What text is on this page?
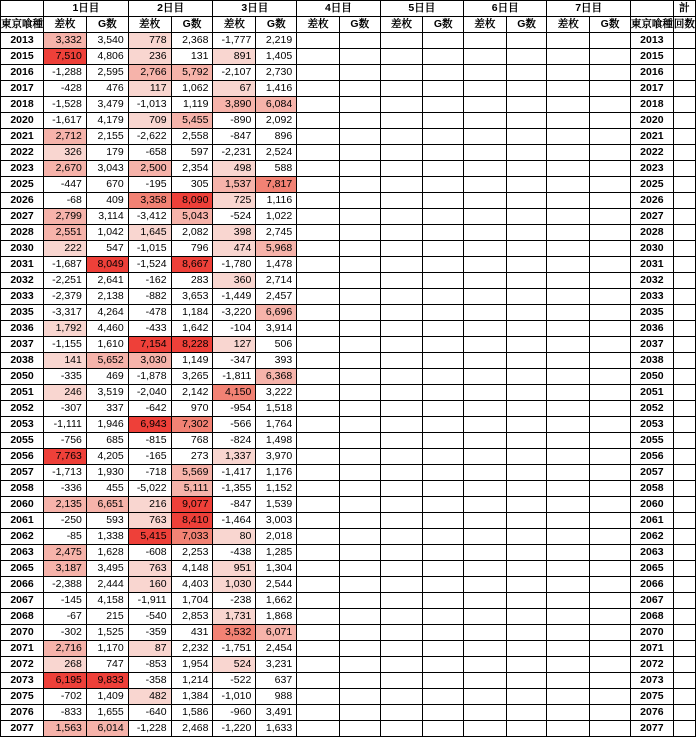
	1日目		2日目		3日目		4日目		5日目		6日目		7日目			計
東京喰種	差枚	G数	差枚	G数	差枚	G数	差枚	G数	差枚	G数	差枚	G数	差枚	G数	東京喰種	回数
2013	3,332	3,540	778	2,368	-1,777	2,219									2013	
2015	7,510	4,806	236	131	891	1,405									2015	
2016	-1,288	2,595	2,766	5,792	-2,107	2,730									2016	
2017	-428	476	117	1,062	67	1,416									2017	
2018	-1,528	3,479	-1,013	1,119	3,890	6,084									2018	
2020	-1,617	4,179	709	5,455	-890	2,092									2020	
2021	2,712	2,155	-2,622	2,558	-847	896									2021	
2022	326	179	-658	597	-2,231	2,524									2022	
2023	2,670	3,043	2,500	2,354	498	588									2023	
2025	-447	670	-195	305	1,537	7,817									2025	
2026	-68	409	3,358	8,090	725	1,116									2026	
2027	2,799	3,114	-3,412	5,043	-524	1,022									2027	
2028	2,551	1,042	1,645	2,082	398	2,745									2028	
2030	222	547	-1,015	796	474	5,968									2030	
2031	-1,687	8,049	-1,524	8,667	-1,780	1,478									2031	
2032	-2,251	2,641	-162	283	360	2,714									2032	
2033	-2,379	2,138	-882	3,653	-1,449	2,457									2033	
2035	-3,317	4,264	-478	1,184	-3,220	6,696									2035	
2036	1,792	4,460	-433	1,642	-104	3,914									2036	
2037	-1,155	1,610	7,154	8,228	127	506									2037	
2038	141	5,652	3,030	1,149	-347	393									2038	
2050	-335	469	-1,878	3,265	-1,811	6,368									2050	
2051	246	3,519	-2,040	2,142	4,150	3,222									2051	
2052	-307	337	-642	970	-954	1,518									2052	
2053	-1,111	1,946	6,943	7,302	-566	1,764									2053	
2055	-756	685	-815	768	-824	1,498									2055	
2056	7,763	4,205	-165	273	1,337	3,970									2056	
2057	-1,713	1,930	-718	5,569	-1,417	1,176									2057	
2058	-336	455	-5,022	5,111	-1,355	1,152									2058	
2060	2,135	6,651	216	9,077	-847	1,539									2060	
2061	-250	593	763	8,410	-1,464	3,003									2061	
2062	-85	1,338	5,415	7,033	80	2,018									2062	
2063	2,475	1,628	-608	2,253	-438	1,285									2063	
2065	3,187	3,495	763	4,148	951	1,304									2065	
2066	-2,388	2,444	160	4,403	1,030	2,544									2066	
2067	-145	4,158	-1,911	1,704	-238	1,662									2067	
2068	-67	215	-540	2,853	1,731	1,868									2068	
2070	-302	1,525	-359	431	3,532	6,071									2070	
2071	2,716	1,170	87	2,232	-1,751	2,454									2071	
2072	268	747	-853	1,954	524	3,231									2072	
2073	6,195	9,833	-358	1,214	-522	637									2073	
2075	-702	1,409	482	1,384	-1,010	988									2075	
2076	-833	1,655	-640	1,586	-960	3,491									2076	
2077	1,563	6,014	-1,228	2,468	-1,220	1,633									2077	
